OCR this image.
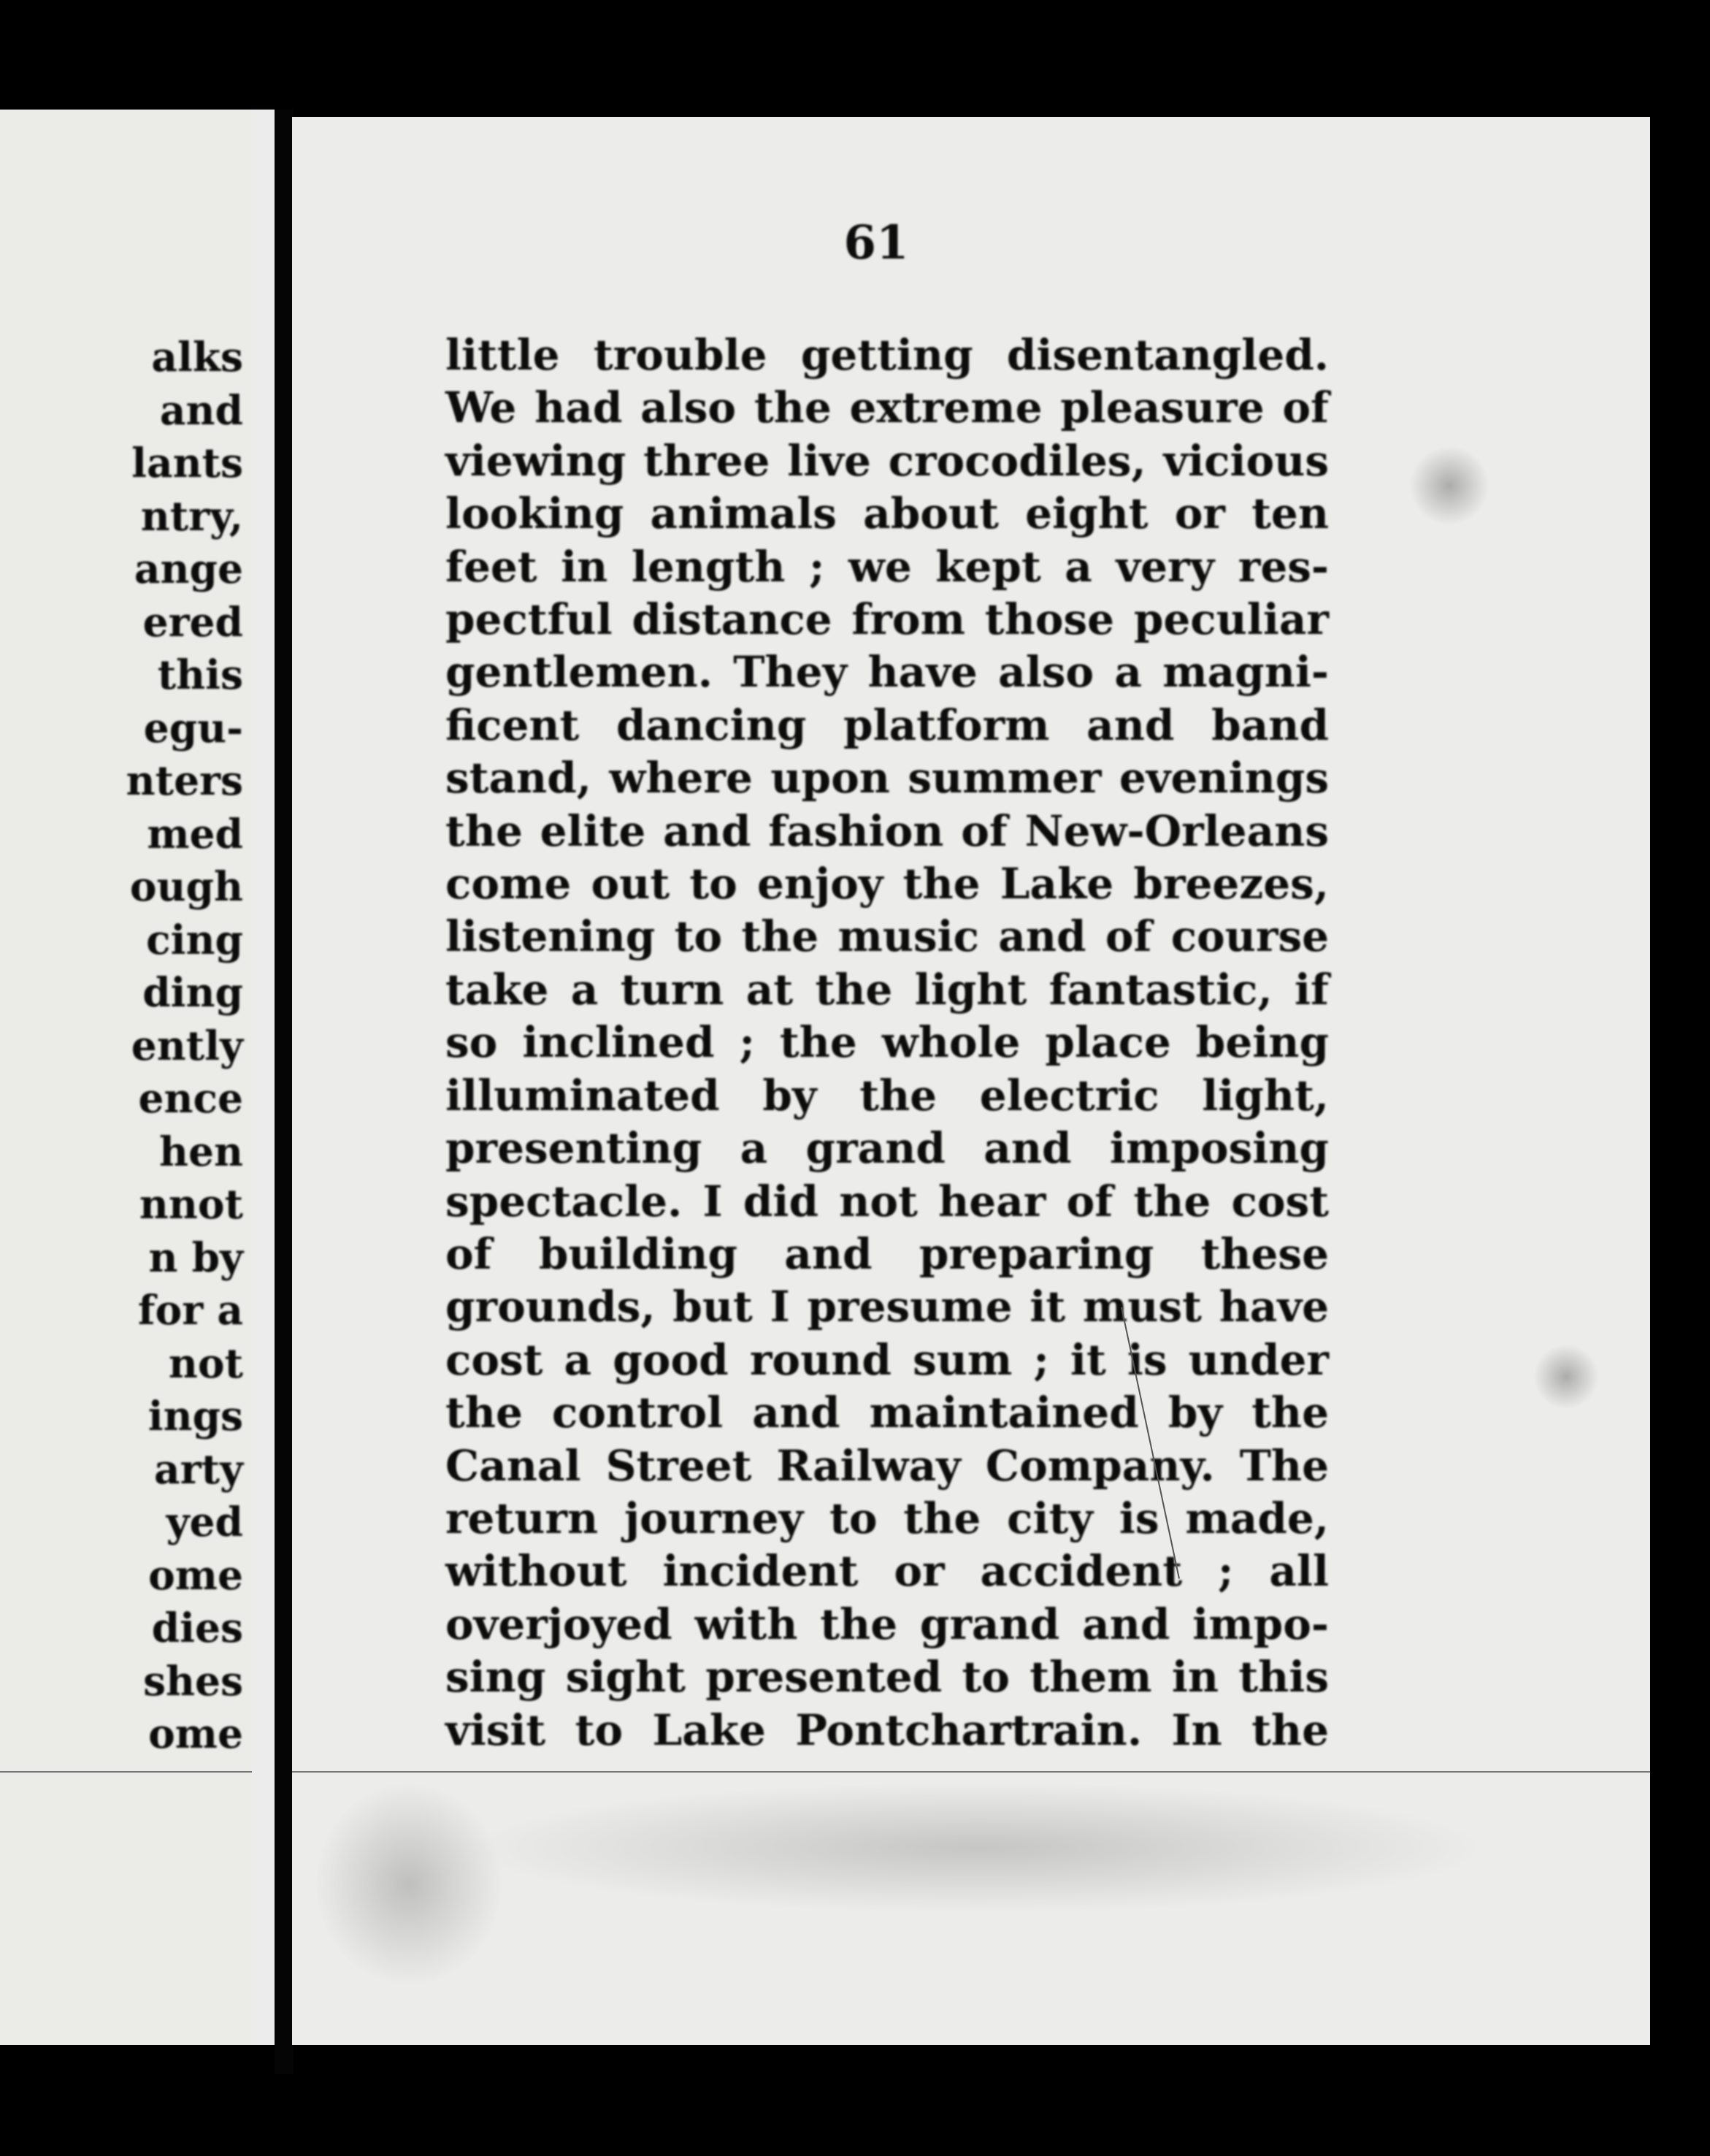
alks
and
lants
ntry,
ange
ered
this
egu-
nters
med
ough
cing
ding
ently
ence
hen
nnot
n by
for a
not
ings
arty
yed
ome
dies
shes
ome
61
little trouble getting disentangled.
We had also the extreme pleasure of
viewing three live crocodiles, vicious
looking animals about eight or ten
feet in length ; we kept a very res-
pectful distance from those peculiar
gentlemen. They have also a magni-
ficent dancing platform and band
stand, where upon summer evenings
the elite and fashion of New-Orleans
come out to enjoy the Lake breezes,
listening to the music and of course
take a turn at the light fantastic, if
so inclined ; the whole place being
illuminated by the electric light,
presenting a grand and imposing
spectacle. I did not hear of the cost
of building and preparing these
grounds, but I presume it must have
cost a good round sum ; it is under
the control and maintained by the
Canal Street Railway Company. The
return journey to the city is made,
without incident or accident ; all
overjoyed with the grand and impo-
sing sight presented to them in this
visit to Lake Pontchartrain. In the
